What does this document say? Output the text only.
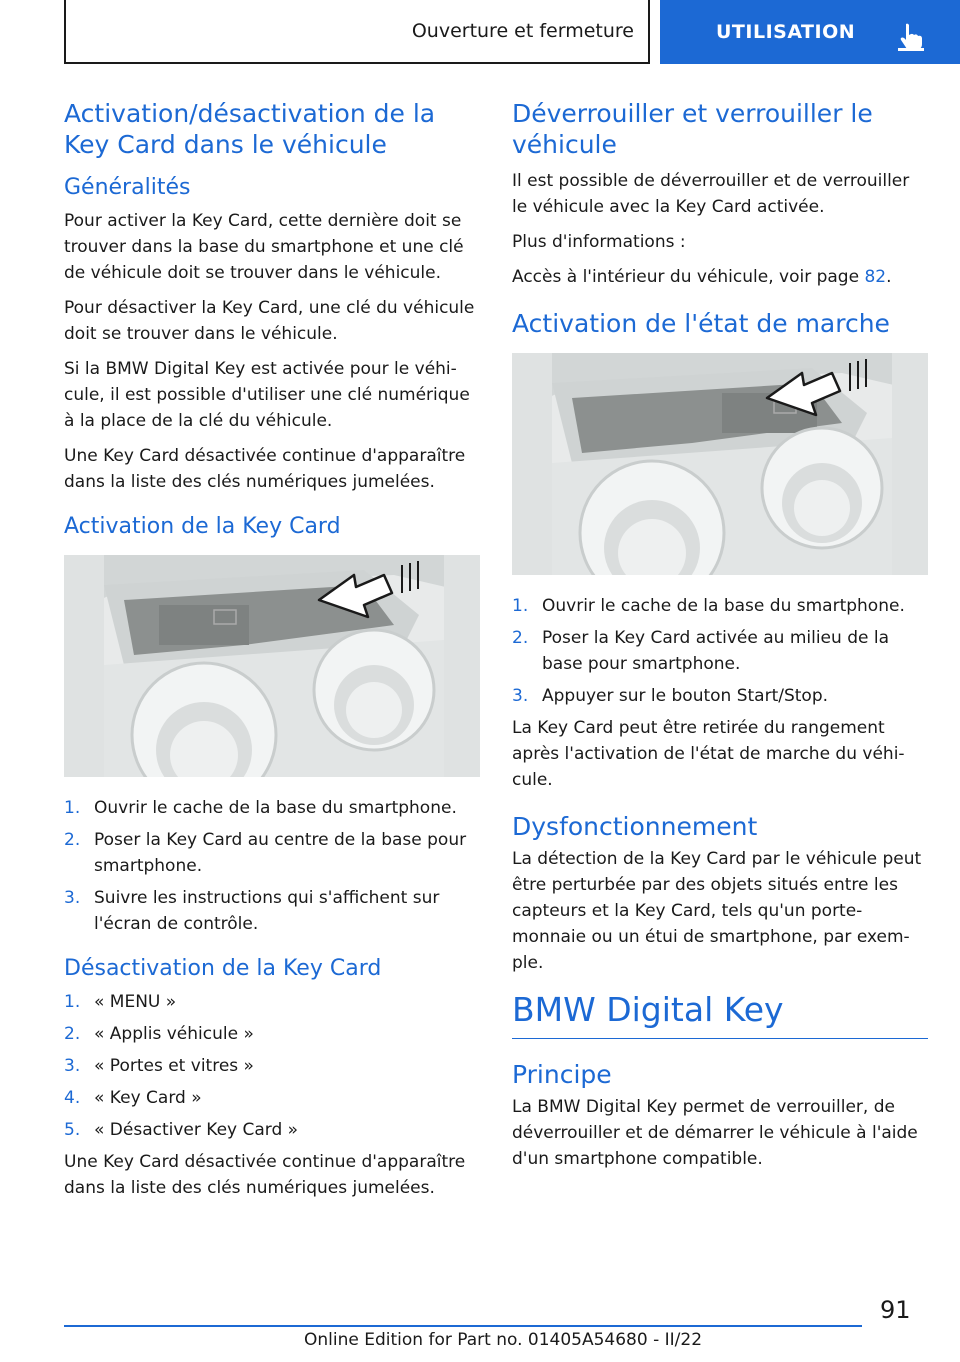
Ouverture et fermeture	UTILISATION
Activation/désactivation de la Key Card dans le véhicule
Généralités

Pour activer la Key Card, cette dernière doit se trouver dans la base du smartphone et une clé de véhicule doit se trouver dans le véhicule.

Pour désactiver la Key Card, une clé du véhicule doit se trouver dans le véhicule.

Si la BMW Digital Key est activée pour le véhicule, il est possible d'utiliser une clé numérique à la place de la clé du véhicule.

Une Key Card désactivée continue d'apparaître dans la liste des clés numériques jumelées.

Activation de la Key Card
1. Ouvrir le cache de la base du smartphone.
2. Poser la Key Card au centre de la base pour smartphone.
3. Suivre les instructions qui s'affichent sur l'écran de contrôle.
Désactivation de la Key Card
1. « MENU »
2. « Applis véhicule »
3. « Portes et vitres »
4. « Key Card »
5. « Désactiver Key Card »

Une Key Card désactivée continue d'apparaître dans la liste des clés numériques jumelées.

Déverrouiller et verrouiller le véhicule

Il est possible de déverrouiller et de verrouiller le véhicule avec la Key Card activée.

Plus d'informations :

Accès à l'intérieur du véhicule, voir page 82.

Activation de l'état de marche
1. Ouvrir le cache de la base du smartphone.
2. Poser la Key Card activée au milieu de la base pour smartphone.
3. Appuyer sur le bouton Start/Stop.

La Key Card peut être retirée du rangement après l'activation de l'état de marche du véhicule.

Dysfonctionnement

La détection de la Key Card par le véhicule peut être perturbée par des objets situés entre les capteurs et la Key Card, tels qu'un porte-monnaie ou un étui de smartphone, par exemple.

BMW Digital Key
Principe

La BMW Digital Key permet de verrouiller, de déverrouiller et de démarrer le véhicule à l'aide d'un smartphone compatible.

91
Online Edition for Part no. 01405A54680 - II/22
